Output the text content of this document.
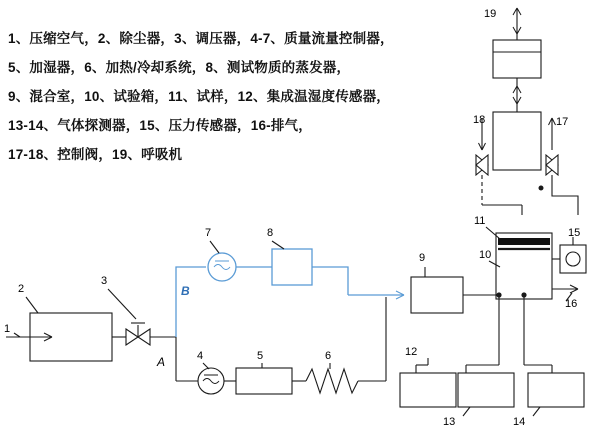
1、压缩空气，2、除尘器，3、调压器，4-7、质量流量控制器，
5、加湿器，6、加热/冷却系统，8、测试物质的蒸发器，
9、混合室，10、试验箱，11、试样，12、集成温湿度传感器，
13-14、气体探测器，15、压力传感器，16-排气，
17-18、控制阀，19、呼吸机
19
18	17
1
2
3
4	5	6
7	8
9	10
11
12
13	14
15
16
A
B
